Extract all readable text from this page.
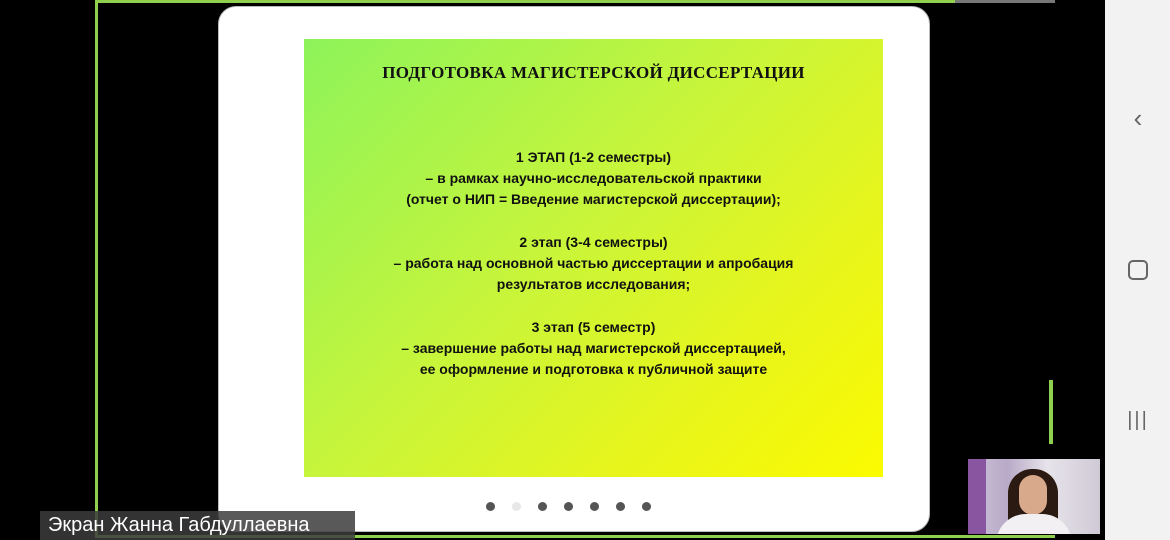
ПОДГОТОВКА МАГИСТЕРСКОЙ ДИССЕРТАЦИИ
1 ЭТАП (1-2 семестры)
– в рамках научно-исследовательской практики
(отчет о НИП = Введение магистерской диссертации);
2 этап (3-4 семестры)
– работа над основной частью диссертации и апробация
результатов исследования;
3 этап (5 семестр)
– завершение работы над магистерской диссертацией,
ее оформление и подготовка к публичной защите
Экран Жанна Габдуллаевна
‹
|||
